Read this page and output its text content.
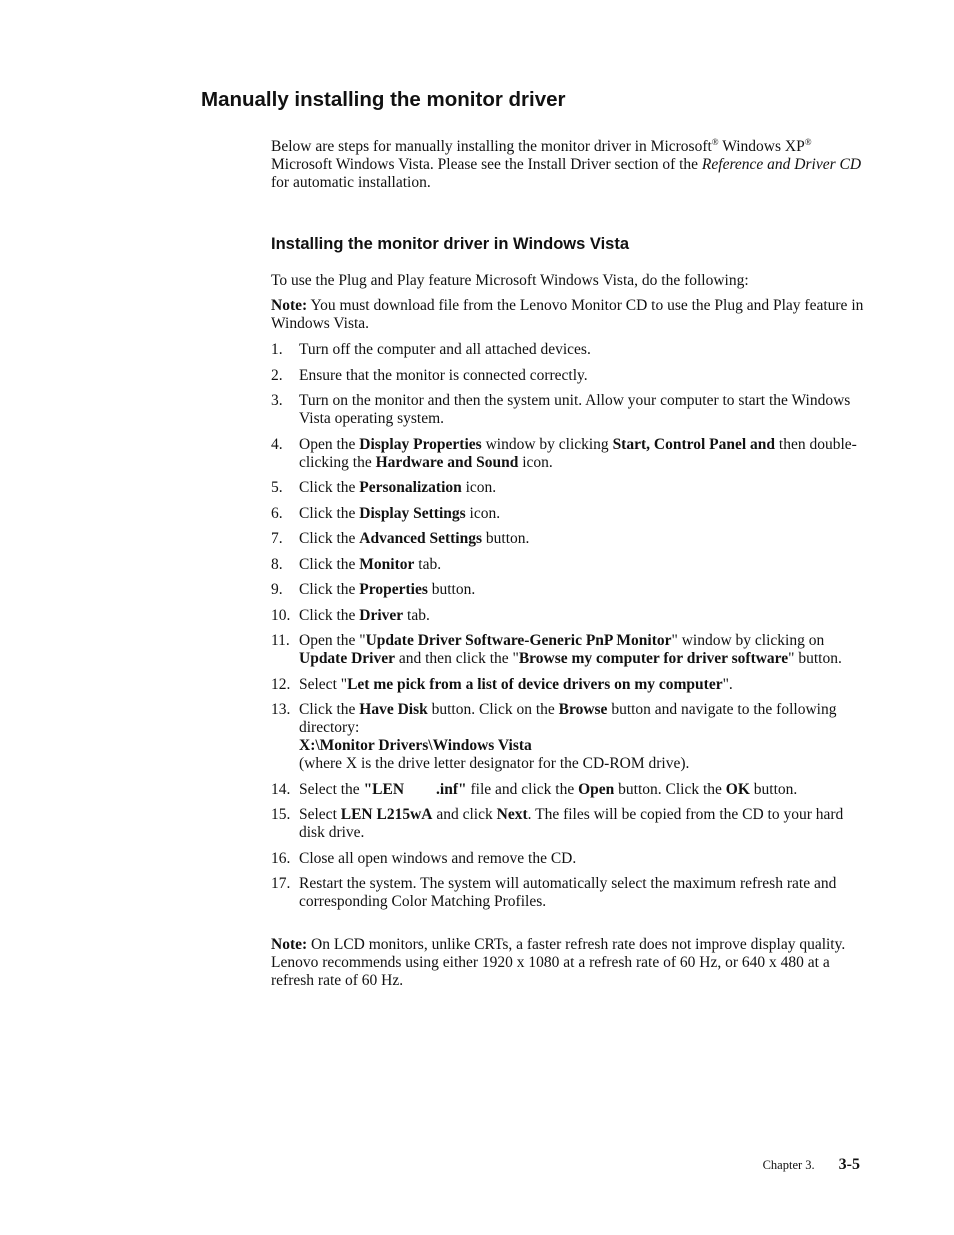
Manually installing the monitor driver

Below are steps for manually installing the monitor driver in Microsoft® Windows XP® Microsoft Windows Vista. Please see the Install Driver section of the Reference and Driver CD for automatic installation.

Installing the monitor driver in Windows Vista

To use the Plug and Play feature Microsoft Windows Vista, do the following:

Note: You must download file from the Lenovo Monitor CD to use the Plug and Play feature in Windows Vista.

1. Turn off the computer and all attached devices.
2. Ensure that the monitor is connected correctly.
3. Turn on the monitor and then the system unit. Allow your computer to start the Windows Vista operating system.
4. Open the Display Properties window by clicking Start, Control Panel and then double-clicking the Hardware and Sound icon.
5. Click the Personalization icon.
6. Click the Display Settings icon.
7. Click the Advanced Settings button.
8. Click the Monitor tab.
9. Click the Properties button.
10. Click the Driver tab.
11. Open the "Update Driver Software-Generic PnP Monitor" window by clicking on Update Driver and then click the "Browse my computer for driver software" button.
12. Select "Let me pick from a list of device drivers on my computer".
13. Click the Have Disk button. Click on the Browse button and navigate to the following directory:
X:\Monitor Drivers\Windows Vista
(where X is the drive letter designator for the CD-ROM drive).
14. Select the "LEN .inf" file and click the Open button. Click the OK button.
15. Select LEN L215wA and click Next. The files will be copied from the CD to your hard disk drive.
16. Close all open windows and remove the CD.
17. Restart the system. The system will automatically select the maximum refresh rate and corresponding Color Matching Profiles.

Note: On LCD monitors, unlike CRTs, a faster refresh rate does not improve display quality. Lenovo recommends using either 1920 x 1080 at a refresh rate of 60 Hz, or 640 x 480 at a refresh rate of 60 Hz.

Chapter 3. 3-5
